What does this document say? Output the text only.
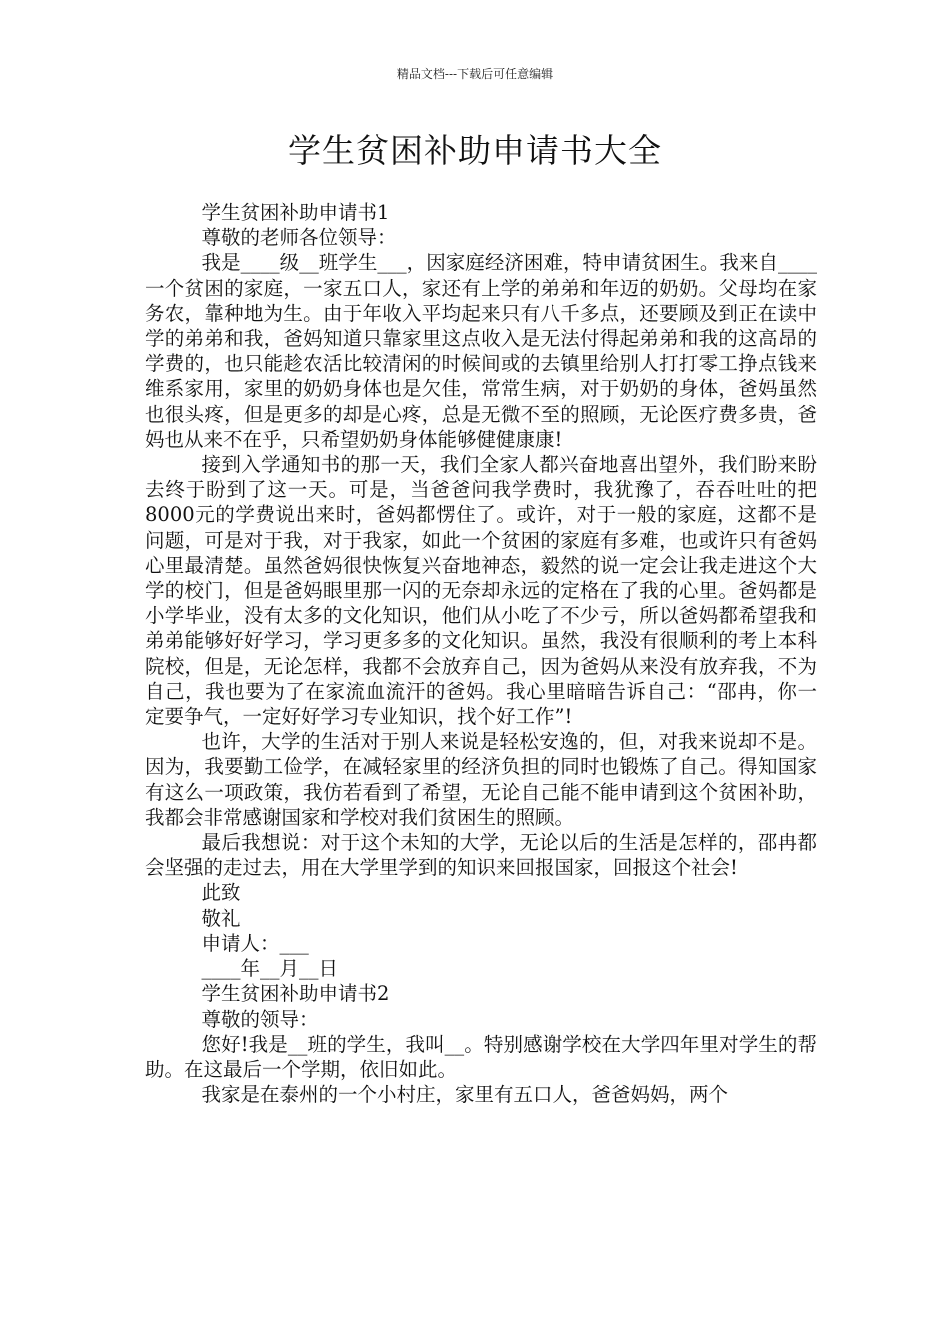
精品文档---下载后可任意编辑
学生贫困补助申请书大全

学生贫困补助申请书1

尊敬的老师各位领导：

我是____级__班学生___，因家庭经济困难，特申请贫困生。我来自____一个贫困的家庭，一家五口人，家还有上学的弟弟和年迈的奶奶。父母均在家务农，靠种地为生。由于年收入平均起来只有八千多点，还要顾及到正在读中学的弟弟和我，爸妈知道只靠家里这点收入是无法付得起弟弟和我的这高昂的学费的，也只能趁农活比较清闲的时候间或的去镇里给别人打打零工挣点钱来维系家用，家里的奶奶身体也是欠佳，常常生病，对于奶奶的身体，爸妈虽然也很头疼，但是更多的却是心疼，总是无微不至的照顾，无论医疗费多贵，爸妈也从来不在乎，只希望奶奶身体能够健健康康!

接到入学通知书的那一天，我们全家人都兴奋地喜出望外，我们盼来盼去终于盼到了这一天。可是，当爸爸问我学费时，我犹豫了，吞吞吐吐的把8000元的学费说出来时，爸妈都愣住了。或许，对于一般的家庭，这都不是问题，可是对于我，对于我家，如此一个贫困的家庭有多难，也或许只有爸妈心里最清楚。虽然爸妈很快恢复兴奋地神态，毅然的说一定会让我走进这个大学的校门，但是爸妈眼里那一闪的无奈却永远的定格在了我的心里。爸妈都是小学毕业，没有太多的文化知识，他们从小吃了不少亏，所以爸妈都希望我和弟弟能够好好学习，学习更多多的文化知识。虽然，我没有很顺利的考上本科院校，但是，无论怎样，我都不会放弃自己，因为爸妈从来没有放弃我，不为自己，我也要为了在家流血流汗的爸妈。我心里暗暗告诉自己：“邵冉，你一定要争气，一定好好学习专业知识，找个好工作”!

也许，大学的生活对于别人来说是轻松安逸的，但，对我来说却不是。因为，我要勤工俭学，在减轻家里的经济负担的同时也锻炼了自己。得知国家有这么一项政策，我仿若看到了希望，无论自己能不能申请到这个贫困补助，我都会非常感谢国家和学校对我们贫困生的照顾。

最后我想说：对于这个未知的大学，无论以后的生活是怎样的，邵冉都会坚强的走过去，用在大学里学到的知识来回报国家，回报这个社会!

此致

敬礼

申请人：___

____年__月__日

学生贫困补助申请书2

尊敬的领导：

您好!我是__班的学生，我叫__。特别感谢学校在大学四年里对学生的帮助。在这最后一个学期，依旧如此。

我家是在泰州的一个小村庄，家里有五口人，爸爸妈妈，两个
